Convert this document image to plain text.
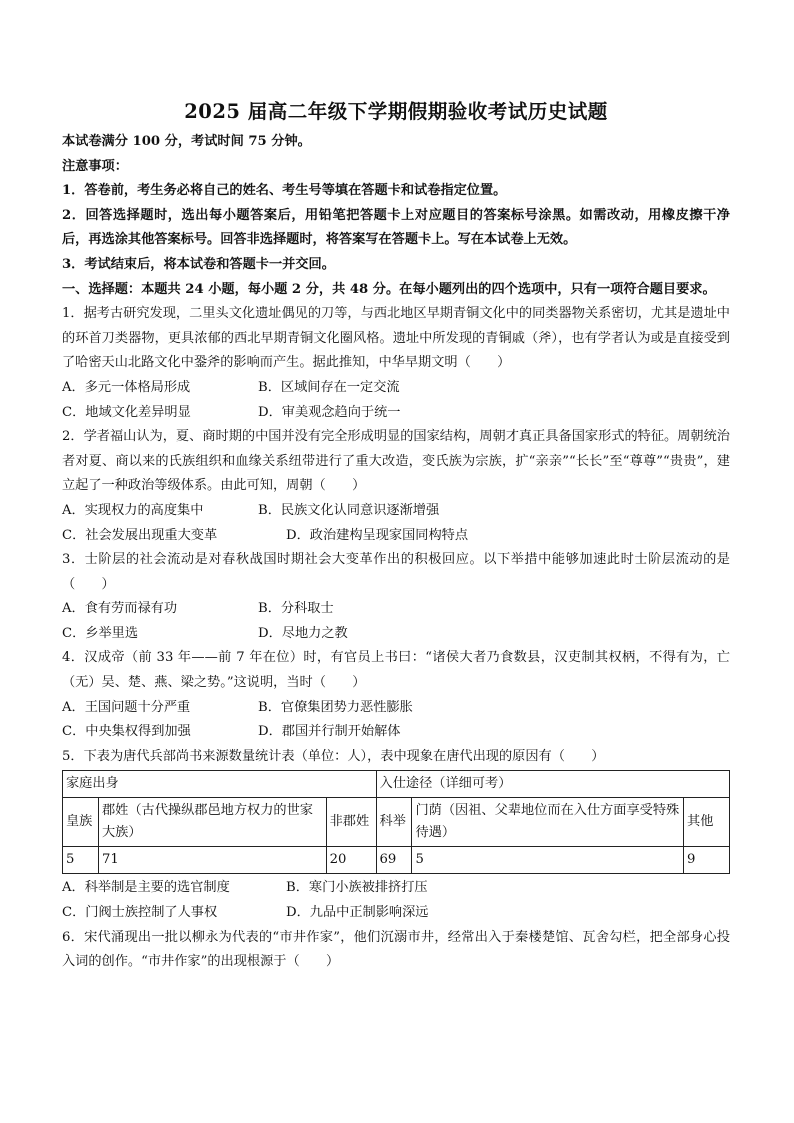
2025 届高二年级下学期假期验收考试历史试题

本试卷满分 100 分，考试时间 75 分钟。

注意事项：

1．答卷前，考生务必将自己的姓名、考生号等填在答题卡和试卷指定位置。

2．回答选择题时，选出每小题答案后，用铅笔把答题卡上对应题目的答案标号涂黑。如需改动，用橡皮擦干净后，再选涂其他答案标号。回答非选择题时，将答案写在答题卡上。写在本试卷上无效。

3．考试结束后，将本试卷和答题卡一并交回。

一、选择题：本题共 24 小题，每小题 2 分，共 48 分。在每小题列出的四个选项中，只有一项符合题目要求。

1．据考古研究发现，二里头文化遗址偶见的刀等，与西北地区早期青铜文化中的同类器物关系密切，尤其是遗址中的环首刀类器物，更具浓郁的西北早期青铜文化圈风格。遗址中所发现的青铜戚（斧），也有学者认为或是直接受到了哈密天山北路文化中銎斧的影响而产生。据此推知，中华早期文明（　　）

A．多元一体格局形成	B．区域间存在一定交流
C．地域文化差异明显	D．审美观念趋向于统一

2．学者福山认为，夏、商时期的中国并没有完全形成明显的国家结构，周朝才真正具备国家形式的特征。周朝统治者对夏、商以来的氏族组织和血缘关系纽带进行了重大改造，变氏族为宗族，扩“亲亲”“长长”至“尊尊”“贵贵”，建立起了一种政治等级体系。由此可知，周朝（　　）

A．实现权力的高度集中	B．民族文化认同意识逐渐增强
C．社会发展出现重大变革	D．政治建构呈现家国同构特点

3．士阶层的社会流动是对春秋战国时期社会大变革作出的积极回应。以下举措中能够加速此时士阶层流动的是（　　）

A．食有劳而禄有功	B．分科取士
C．乡举里选	D．尽地力之教

4．汉成帝（前 33 年——前 7 年在位）时，有官员上书曰：“诸侯大者乃食数县，汉吏制其权柄，不得有为，亡（无）吴、楚、燕、梁之势。”这说明，当时（　　）

A．王国问题十分严重	B．官僚集团势力恶性膨胀
C．中央集权得到加强	D．郡国并行制开始解体

5．下表为唐代兵部尚书来源数量统计表（单位：人），表中现象在唐代出现的原因有（　　）

家庭出身			入仕途径（详细可考）		
皇族	郡姓（古代操纵郡邑地方权力的世家大族）	非郡姓	科举	门荫（因祖、父辈地位而在入仕方面享受特殊待遇）	其他
5	71	20	69	5	9
A．科举制是主要的选官制度	B．寒门小族被排挤打压
C．门阀士族控制了人事权	D．九品中正制影响深远

6．宋代涌现出一批以柳永为代表的“市井作家”，他们沉溺市井，经常出入于秦楼楚馆、瓦舍勾栏，把全部身心投入词的创作。“市井作家”的出现根源于（　　）
